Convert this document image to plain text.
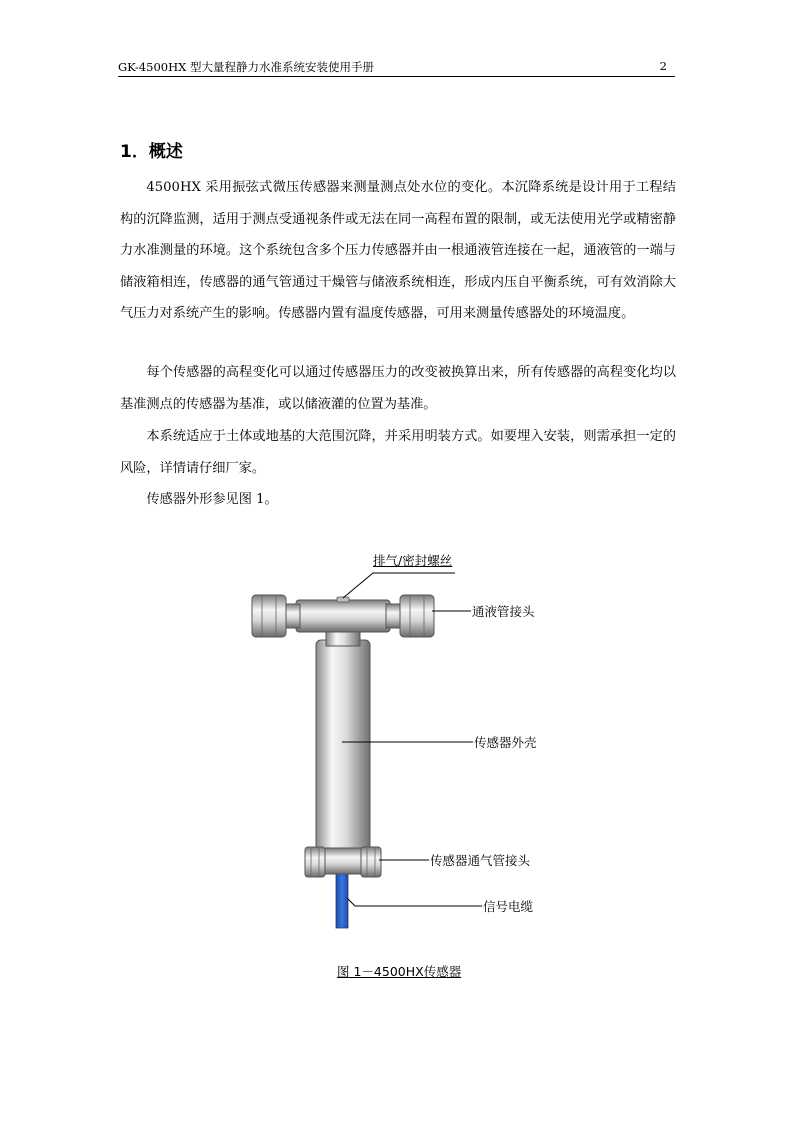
GK-4500HX 型大量程静力水准系统安装使用手册	2
1．概述

4500HX 采用振弦式微压传感器来测量测点处水位的变化。本沉降系统是设计用于工程结构的沉降监测，适用于测点受通视条件或无法在同一高程布置的限制，或无法使用光学或精密静力水准测量的环境。这个系统包含多个压力传感器并由一根通液管连接在一起，通液管的一端与储液箱相连，传感器的通气管通过干燥管与储液系统相连，形成内压自平衡系统，可有效消除大气压力对系统产生的影响。传感器内置有温度传感器，可用来测量传感器处的环境温度。

每个传感器的高程变化可以通过传感器压力的改变被换算出来，所有传感器的高程变化均以基准测点的传感器为基准，或以储液灌的位置为基准。

本系统适应于土体或地基的大范围沉降，并采用明装方式。如要埋入安装，则需承担一定的风险，详情请仔细厂家。

传感器外形参见图 1。

排气/密封螺丝
通液管接头
传感器外壳
传感器通气管接头
信号电缆
图 1－4500HX传感器
